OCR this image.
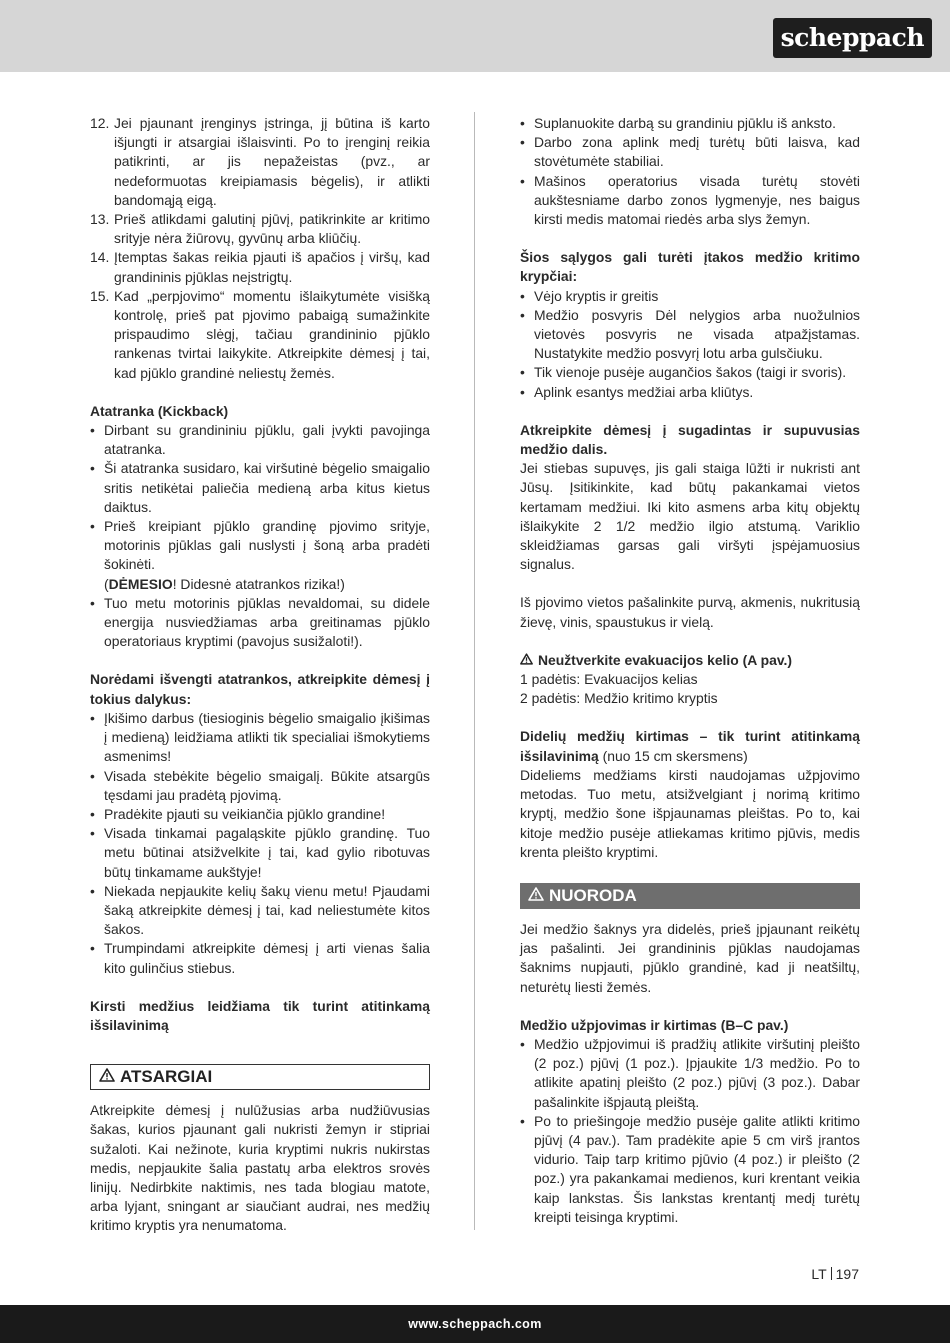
scheppach
12. Jei pjaunant įrenginys įstringa, jį būtina iš karto išjungti ir atsargiai išlaisvinti. Po to įrenginį reikia patikrinti, ar jis nepažeistas (pvz., ar nedeformuotas kreipiamasis bėgelis), ir atlikti bandomąją eigą.
13. Prieš atlikdami galutinį pjūvį, patikrinkite ar kritimo srityje nėra žiūrovų, gyvūnų arba kliūčių.
14. Įtemptas šakas reikia pjauti iš apačios į viršų, kad grandininis pjūklas neįstrigtų.
15. Kad „perpjovimo“ momentu išlaikytumėte visišką kontrolę, prieš pat pjovimo pabaigą sumažinkite prispaudimo slėgį, tačiau grandininio pjūklo rankenas tvirtai laikykite. Atkreipkite dėmesį į tai, kad pjūklo grandinė neliestų žemės.

Atatranka (Kickback)

• Dirbant su grandininiu pjūklu, gali įvykti pavojinga atatranka.
• Ši atatranka susidaro, kai viršutinė bėgelio smaigalio sritis netikėtai paliečia medieną arba kitus kietus daiktus.
• Prieš kreipiant pjūklo grandinę pjovimo srityje, motorinis pjūklas gali nuslysti į šoną arba pradėti šokinėti.
(DĖMESIO! Didesnė atatrankos rizika!)
• Tuo metu motorinis pjūklas nevaldomai, su didele energija nusviedžiamas arba greitinamas pjūklo operatoriaus kryptimi (pavojus susižaloti!).

Norėdami išvengti atatrankos, atkreipkite dėmesį į tokius dalykus:

• Įkišimo darbus (tiesioginis bėgelio smaigalio įkišimas į medieną) leidžiama atlikti tik specialiai išmokytiems asmenims!
• Visada stebėkite bėgelio smaigalį. Būkite atsargūs tęsdami jau pradėtą pjovimą.
• Pradėkite pjauti su veikiančia pjūklo grandine!
• Visada tinkamai pagaląskite pjūklo grandinę. Tuo metu būtinai atsižvelkite į tai, kad gylio ribotuvas būtų tinkamame aukštyje!
• Niekada nepjaukite kelių šakų vienu metu! Pjaudami šaką atkreipkite dėmesį į tai, kad neliestumėte kitos šakos.
• Trumpindami atkreipkite dėmesį į arti vienas šalia kito gulinčius stiebus.

Kirsti medžius leidžiama tik turint atitinkamą išsilavinimą

ATSARGIAI

Atkreipkite dėmesį į nulūžusias arba nudžiūvusias šakas, kurios pjaunant gali nukristi žemyn ir stipriai sužaloti. Kai nežinote, kuria kryptimi nukris nukirstas medis, nepjaukite šalia pastatų arba elektros srovės linijų. Nedirbkite naktimis, nes tada blogiau matote, arba lyjant, sningant ar siaučiant audrai, nes medžių kritimo kryptis yra nenumatoma.

• Suplanuokite darbą su grandiniu pjūklu iš anksto.
• Darbo zona aplink medį turėtų būti laisva, kad stovėtumėte stabiliai.
• Mašinos operatorius visada turėtų stovėti aukštesniame darbo zonos lygmenyje, nes baigus kirsti medis matomai riedės arba slys žemyn.

Šios sąlygos gali turėti įtakos medžio kritimo krypčiai:

• Vėjo kryptis ir greitis
• Medžio posvyris Dėl nelygios arba nuožulnios vietovės posvyris ne visada atpažįstamas. Nustatykite medžio posvyrį lotu arba gulsčiuku.
• Tik vienoje pusėje augančios šakos (taigi ir svoris).
• Aplink esantys medžiai arba kliūtys.

Atkreipkite dėmesį į sugadintas ir supuvusias medžio dalis.

Jei stiebas supuvęs, jis gali staiga lūžti ir nukristi ant Jūsų. Įsitikinkite, kad būtų pakankamai vietos kertamam medžiui. Iki kito asmens arba kitų objektų išlaikykite 2 1/2 medžio ilgio atstumą. Variklio skleidžiamas garsas gali viršyti įspėjamuosius signalus.

Iš pjovimo vietos pašalinkite purvą, akmenis, nukritusią žievę, vinis, spaustukus ir vielą.

Neužtverkite evakuacijos kelio (A pav.)

1 padėtis: Evakuacijos kelias

2 padėtis: Medžio kritimo kryptis

Didelių medžių kirtimas – tik turint atitinkamą išsilavinimą (nuo 15 cm skersmens)

Dideliems medžiams kirsti naudojamas užpjovimo metodas. Tuo metu, atsižvelgiant į norimą kritimo kryptį, medžio šone išpjaunamas pleištas. Po to, kai kitoje medžio pusėje atliekamas kritimo pjūvis, medis krenta pleišto kryptimi.

NUORODA

Jei medžio šaknys yra didelės, prieš įpjaunant reikėtų jas pašalinti. Jei grandininis pjūklas naudojamas šaknims nupjauti, pjūklo grandinė, kad ji neatšiltų, neturėtų liesti žemės.

Medžio užpjovimas ir kirtimas (B–C pav.)

• Medžio užpjovimui iš pradžių atlikite viršutinį pleišto (2 poz.) pjūvį (1 poz.). Įpjaukite 1/3 medžio. Po to atlikite apatinį pleišto (2 poz.) pjūvį (3 poz.). Dabar pašalinkite išpjautą pleištą.
• Po to priešingoje medžio pusėje galite atlikti kritimo pjūvį (4 pav.). Tam pradėkite apie 5 cm virš įrantos vidurio. Taip tarp kritimo pjūvio (4 poz.) ir pleišto (2 poz.) yra pakankamai medienos, kuri krentant veikia kaip lankstas. Šis lankstas krentantį medį turėtų kreipti teisinga kryptimi.
LT 197
www.scheppach.com
